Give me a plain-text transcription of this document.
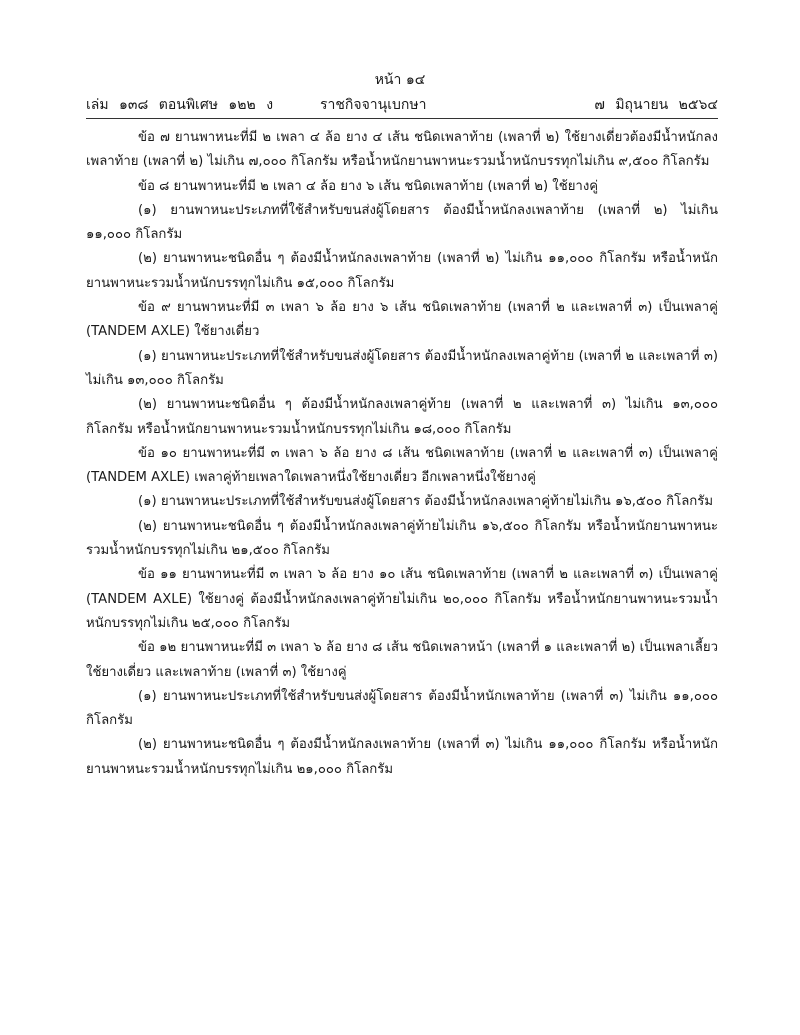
หน้า ๑๔
เล่ม ๑๓๘ ตอนพิเศษ ๑๒๒ ง	ราชกิจจานุเบกษา	๗ มิถุนายน ๒๕๖๔

ข้อ ๗ ยานพาหนะที่มี ๒ เพลา ๔ ล้อ ยาง ๔ เส้น ชนิดเพลาท้าย (เพลาที่ ๒) ใช้ยางเดี่ยวต้องมีน้ำหนักลงเพลาท้าย (เพลาที่ ๒) ไม่เกิน ๗,๐๐๐ กิโลกรัม หรือน้ำหนักยานพาหนะรวมน้ำหนักบรรทุกไม่เกิน ๙,๕๐๐ กิโลกรัม

ข้อ ๘ ยานพาหนะที่มี ๒ เพลา ๔ ล้อ ยาง ๖ เส้น ชนิดเพลาท้าย (เพลาที่ ๒) ใช้ยางคู่

(๑) ยานพาหนะประเภทที่ใช้สำหรับขนส่งผู้โดยสาร ต้องมีน้ำหนักลงเพลาท้าย (เพลาที่ ๒) ไม่เกิน ๑๑,๐๐๐ กิโลกรัม

(๒) ยานพาหนะชนิดอื่น ๆ ต้องมีน้ำหนักลงเพลาท้าย (เพลาที่ ๒) ไม่เกิน ๑๑,๐๐๐ กิโลกรัม หรือน้ำหนักยานพาหนะรวมน้ำหนักบรรทุกไม่เกิน ๑๕,๐๐๐ กิโลกรัม

ข้อ ๙ ยานพาหนะที่มี ๓ เพลา ๖ ล้อ ยาง ๖ เส้น ชนิดเพลาท้าย (เพลาที่ ๒ และเพลาที่ ๓) เป็นเพลาคู่ (TANDEM AXLE) ใช้ยางเดี่ยว

(๑) ยานพาหนะประเภทที่ใช้สำหรับขนส่งผู้โดยสาร ต้องมีน้ำหนักลงเพลาคู่ท้าย (เพลาที่ ๒ และเพลาที่ ๓) ไม่เกิน ๑๓,๐๐๐ กิโลกรัม

(๒) ยานพาหนะชนิดอื่น ๆ ต้องมีน้ำหนักลงเพลาคู่ท้าย (เพลาที่ ๒ และเพลาที่ ๓) ไม่เกิน ๑๓,๐๐๐ กิโลกรัม หรือน้ำหนักยานพาหนะรวมน้ำหนักบรรทุกไม่เกิน ๑๘,๐๐๐ กิโลกรัม

ข้อ ๑๐ ยานพาหนะที่มี ๓ เพลา ๖ ล้อ ยาง ๘ เส้น ชนิดเพลาท้าย (เพลาที่ ๒ และเพลาที่ ๓) เป็นเพลาคู่ (TANDEM AXLE) เพลาคู่ท้ายเพลาใดเพลาหนึ่งใช้ยางเดี่ยว อีกเพลาหนึ่งใช้ยางคู่

(๑) ยานพาหนะประเภทที่ใช้สำหรับขนส่งผู้โดยสาร ต้องมีน้ำหนักลงเพลาคู่ท้ายไม่เกิน ๑๖,๕๐๐ กิโลกรัม

(๒) ยานพาหนะชนิดอื่น ๆ ต้องมีน้ำหนักลงเพลาคู่ท้ายไม่เกิน ๑๖,๕๐๐ กิโลกรัม หรือน้ำหนักยานพาหนะรวมน้ำหนักบรรทุกไม่เกิน ๒๑,๕๐๐ กิโลกรัม

ข้อ ๑๑ ยานพาหนะที่มี ๓ เพลา ๖ ล้อ ยาง ๑๐ เส้น ชนิดเพลาท้าย (เพลาที่ ๒ และเพลาที่ ๓) เป็นเพลาคู่ (TANDEM AXLE) ใช้ยางคู่ ต้องมีน้ำหนักลงเพลาคู่ท้ายไม่เกิน ๒๐,๐๐๐ กิโลกรัม หรือน้ำหนักยานพาหนะรวมน้ำหนักบรรทุกไม่เกิน ๒๕,๐๐๐ กิโลกรัม

ข้อ ๑๒ ยานพาหนะที่มี ๓ เพลา ๖ ล้อ ยาง ๘ เส้น ชนิดเพลาหน้า (เพลาที่ ๑ และเพลาที่ ๒) เป็นเพลาเลี้ยวใช้ยางเดี่ยว และเพลาท้าย (เพลาที่ ๓) ใช้ยางคู่

(๑) ยานพาหนะประเภทที่ใช้สำหรับขนส่งผู้โดยสาร ต้องมีน้ำหนักเพลาท้าย (เพลาที่ ๓) ไม่เกิน ๑๑,๐๐๐ กิโลกรัม

(๒) ยานพาหนะชนิดอื่น ๆ ต้องมีน้ำหนักลงเพลาท้าย (เพลาที่ ๓) ไม่เกิน ๑๑,๐๐๐ กิโลกรัม หรือน้ำหนักยานพาหนะรวมน้ำหนักบรรทุกไม่เกิน ๒๑,๐๐๐ กิโลกรัม
